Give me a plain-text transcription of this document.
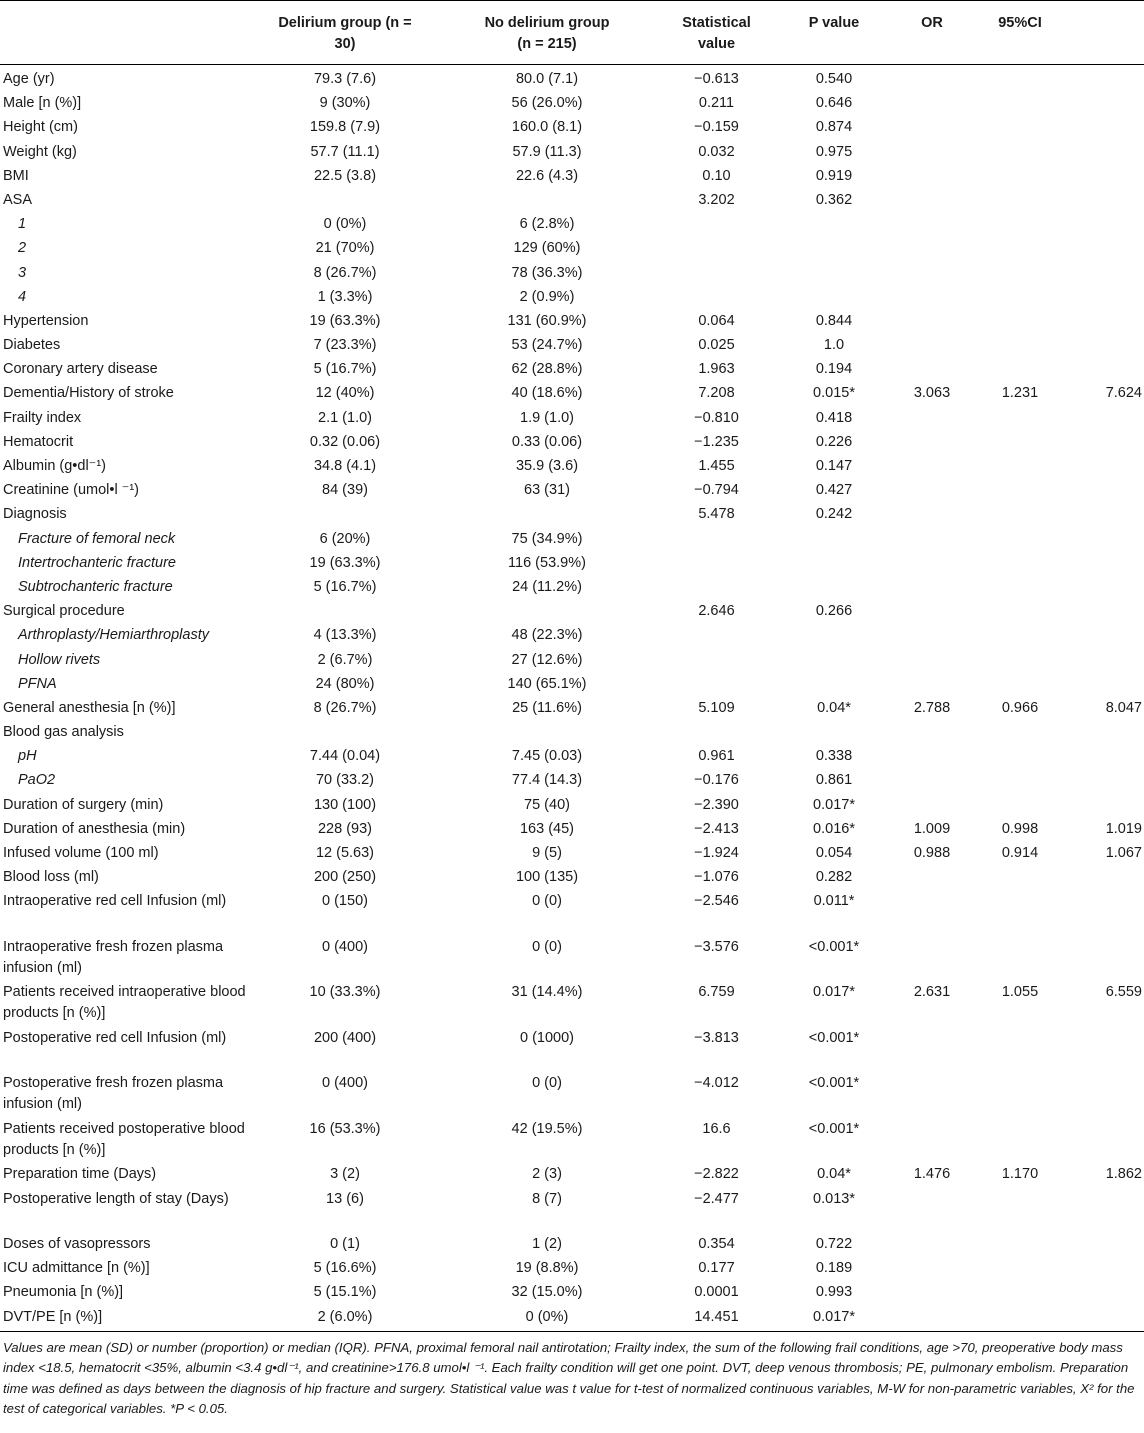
	Delirium group (n = 30)	No delirium group (n = 215)	Statistical value	P value	OR	95%CI	

Age (yr)	79.3 (7.6)	80.0 (7.1)	−0.613	0.540			
Male [n (%)]	9 (30%)	56 (26.0%)	0.211	0.646			
Height (cm)	159.8 (7.9)	160.0 (8.1)	−0.159	0.874			
Weight (kg)	57.7 (11.1)	57.9 (11.3)	0.032	0.975			
BMI	22.5 (3.8)	22.6 (4.3)	0.10	0.919			
ASA			3.202	0.362			
1	0 (0%)	6 (2.8%)					
2	21 (70%)	129 (60%)					
3	8 (26.7%)	78 (36.3%)					
4	1 (3.3%)	2 (0.9%)					
Hypertension	19 (63.3%)	131 (60.9%)	0.064	0.844			
Diabetes	7 (23.3%)	53 (24.7%)	0.025	1.0			
Coronary artery disease	5 (16.7%)	62 (28.8%)	1.963	0.194			
Dementia/History of stroke	12 (40%)	40 (18.6%)	7.208	0.015*	3.063	1.231	7.624
Frailty index	2.1 (1.0)	1.9 (1.0)	−0.810	0.418			
Hematocrit	0.32 (0.06)	0.33 (0.06)	−1.235	0.226			
Albumin (g•dl⁻¹)	34.8 (4.1)	35.9 (3.6)	1.455	0.147			
Creatinine (umol•l ⁻¹)	84 (39)	63 (31)	−0.794	0.427			
Diagnosis			5.478	0.242			
Fracture of femoral neck	6 (20%)	75 (34.9%)					
Intertrochanteric fracture	19 (63.3%)	116 (53.9%)					
Subtrochanteric fracture	5 (16.7%)	24 (11.2%)					
Surgical procedure			2.646	0.266			
Arthroplasty/Hemiarthroplasty	4 (13.3%)	48 (22.3%)					
Hollow rivets	2 (6.7%)	27 (12.6%)					
PFNA	24 (80%)	140 (65.1%)					
General anesthesia [n (%)]	8 (26.7%)	25 (11.6%)	5.109	0.04*	2.788	0.966	8.047
Blood gas analysis							
pH	7.44 (0.04)	7.45 (0.03)	0.961	0.338			
PaO2	70 (33.2)	77.4 (14.3)	−0.176	0.861			
Duration of surgery (min)	130 (100)	75 (40)	−2.390	0.017*			
Duration of anesthesia (min)	228 (93)	163 (45)	−2.413	0.016*	1.009	0.998	1.019
Infused volume (100 ml)	12 (5.63)	9 (5)	−1.924	0.054	0.988	0.914	1.067
Blood loss (ml)	200 (250)	100 (135)	−1.076	0.282			
Intraoperative red cell Infusion (ml)	0 (150)	0 (0)	−2.546	0.011*			
Intraoperative fresh frozen plasma infusion (ml)	0 (400)	0 (0)	−3.576	<0.001*			
Patients received intraoperative blood products [n (%)]	10 (33.3%)	31 (14.4%)	6.759	0.017*	2.631	1.055	6.559
Postoperative red cell Infusion (ml)	200 (400)	0 (1000)	−3.813	<0.001*			
Postoperative fresh frozen plasma infusion (ml)	0 (400)	0 (0)	−4.012	<0.001*			
Patients received postoperative blood products [n (%)]	16 (53.3%)	42 (19.5%)	16.6	<0.001*			
Preparation time (Days)	3 (2)	2 (3)	−2.822	0.04*	1.476	1.170	1.862
Postoperative length of stay (Days)	13 (6)	8 (7)	−2.477	0.013*			
Doses of vasopressors	0 (1)	1 (2)	0.354	0.722			
ICU admittance [n (%)]	5 (16.6%)	19 (8.8%)	0.177	0.189			
Pneumonia [n (%)]	5 (15.1%)	32 (15.0%)	0.0001	0.993			
DVT/PE [n (%)]	2 (6.0%)	0 (0%)	14.451	0.017*			
Values are mean (SD) or number (proportion) or median (IQR). PFNA, proximal femoral nail antirotation; Frailty index, the sum of the following frail conditions, age >70, preoperative body mass index <18.5, hematocrit <35%, albumin <3.4 g•dl⁻¹, and creatinine>176.8 umol•l ⁻¹. Each frailty condition will get one point. DVT, deep venous thrombosis; PE, pulmonary embolism. Preparation time was defined as days between the diagnosis of hip fracture and surgery. Statistical value was t value for t-test of normalized continuous variables, M-W for non-parametric variables, X² for the test of categorical variables. *P < 0.05.
